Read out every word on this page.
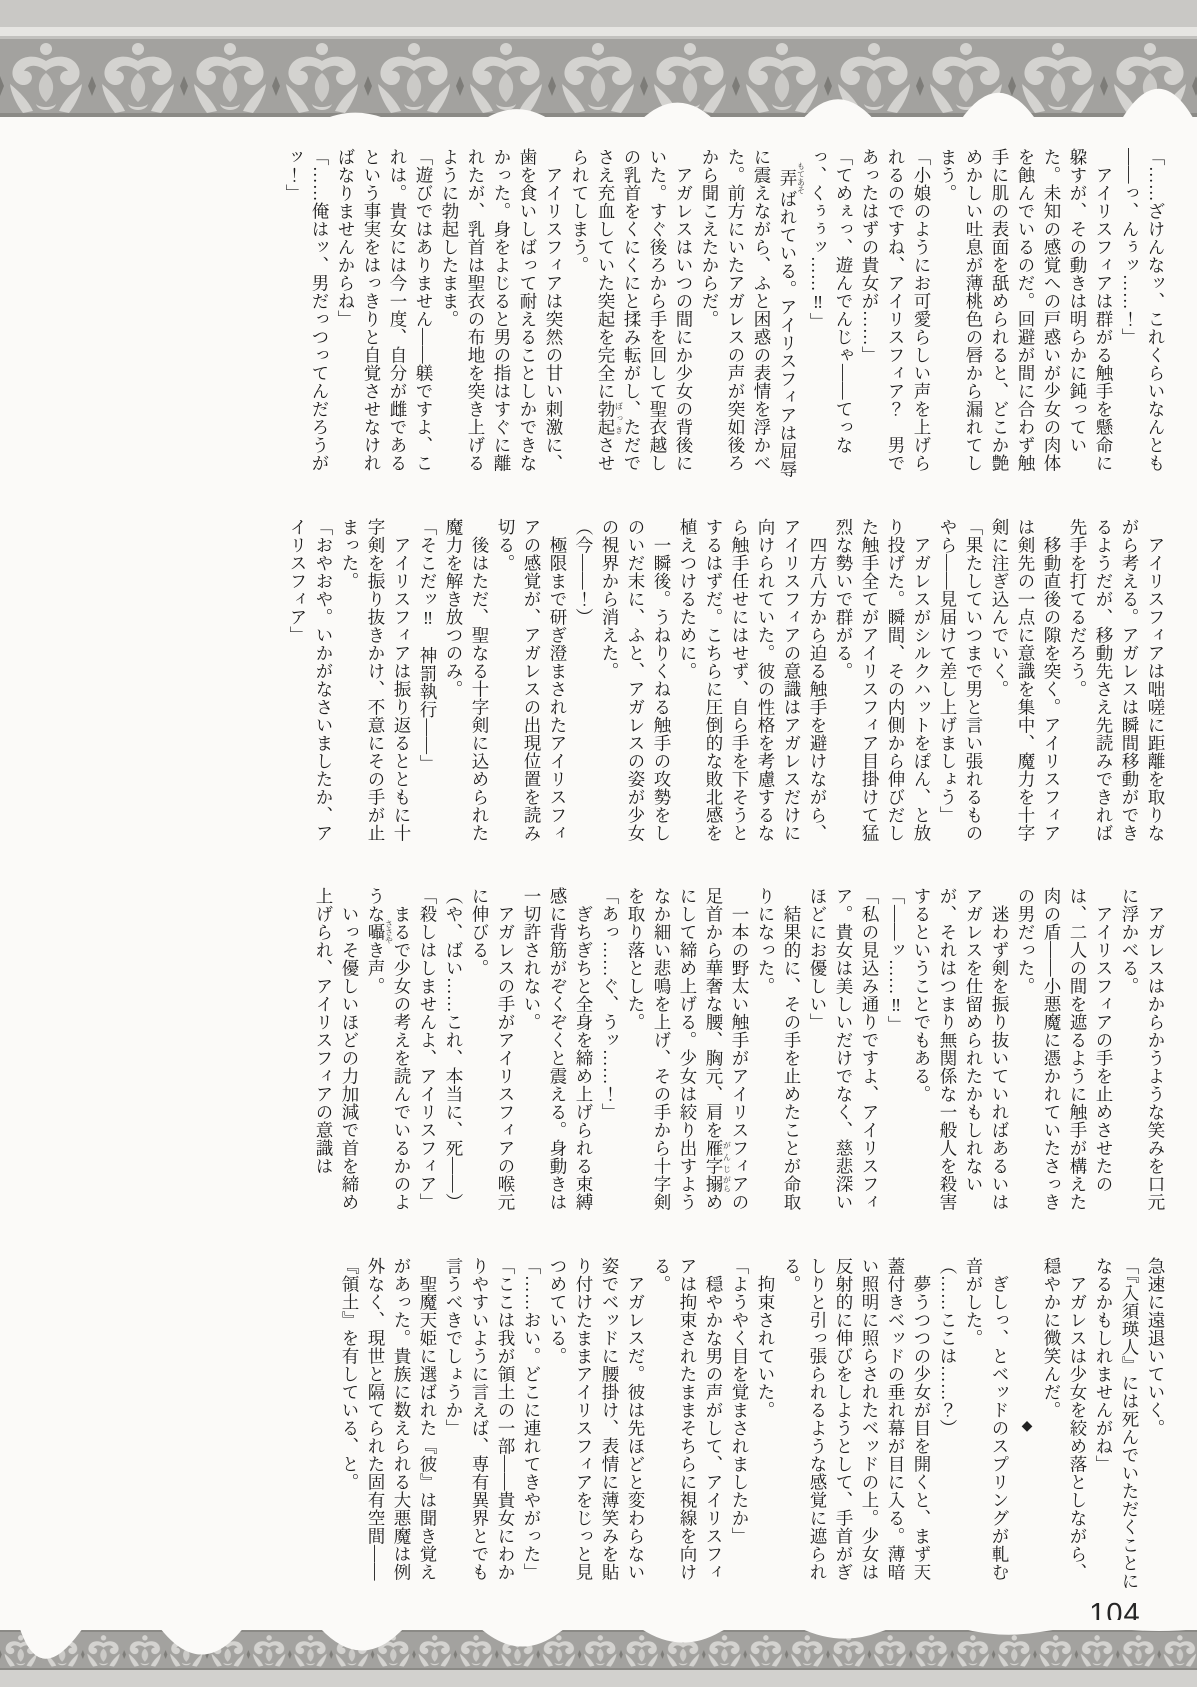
「……ざけんなッ、これくらいなんとも――っ、んぅッ……！」

　アイリスフィアは群がる触手を懸命に躱すが、その動きは明らかに鈍っていた。未知の感覚への戸惑いが少女の肉体を蝕んでいるのだ。回避が間に合わず触手に肌の表面を舐められると、どこか艶めかしい吐息が薄桃色の唇から漏れてしまう。

「小娘のようにお可愛らしい声を上げられるのですね、アイリスフィア？　男であったはずの貴女が……」

「てめぇっ、遊んでんじゃ――てっなっ、くぅぅッ……‼」

　弄もてあそばれている。アイリスフィアは屈辱に震えながら、ふと困惑の表情を浮かべた。前方にいたアガレスの声が突如後ろから聞こえたからだ。

　アガレスはいつの間にか少女の背後にいた。すぐ後ろから手を回して聖衣越しの乳首をくにくにと揉み転がし、ただでさえ充血していた突起を完全に勃起ぼっきさせられてしまう。

　アイリスフィアは突然の甘い刺激に、歯を食いしばって耐えることしかできなかった。身をよじると男の指はすぐに離れたが、乳首は聖衣の布地を突き上げるように勃起したまま。

「遊びではありません――躾ですよ、これは。貴女には今一度、自分が雌であるという事実をはっきりと自覚させなければなりませんからね」

「……俺はッ、男だっつってんだろうがッ！」

　アイリスフィアは咄嗟に距離を取りながら考える。アガレスは瞬間移動ができるようだが、移動先さえ先読みできれば先手を打てるだろう。

　移動直後の隙を突く。アイリスフィアは剣先の一点に意識を集中、魔力を十字剣に注ぎ込んでいく。

「果たしていつまで男と言い張れるものやら――見届けて差し上げましょう」

　アガレスがシルクハットをぽん、と放り投げた。瞬間、その内側から伸びだした触手全てがアイリスフィア目掛けて猛烈な勢いで群がる。

　四方八方から迫る触手を避けながら、アイリスフィアの意識はアガレスだけに向けられていた。彼の性格を考慮するなら触手任せにはせず、自ら手を下そうとするはずだ。こちらに圧倒的な敗北感を植えつけるために。

　一瞬後。うねりくねる触手の攻勢をしのいだ末に、ふと、アガレスの姿が少女の視界から消えた。

（今――！）

　極限まで研ぎ澄まされたアイリスフィアの感覚が、アガレスの出現位置を読み切る。

　後はただ、聖なる十字剣に込められた魔力を解き放つのみ。

「そこだッ‼　神罰執行――」

　アイリスフィアは振り返るとともに十字剣を振り抜きかけ、不意にその手が止まった。

「おやおや。いかがなさいましたか、アイリスフィア」

　アガレスはからかうような笑みを口元に浮かべる。

　アイリスフィアの手を止めさせたのは、二人の間を遮るように触手が構えた肉の盾――小悪魔に憑かれていたさっきの男だった。

　迷わず剣を振り抜いていればあるいはアガレスを仕留められたかもしれないが、それはつまり無関係な一般人を殺害するということでもある。

「――ッ……‼」

「私の見込み通りですよ、アイリスフィア。貴女は美しいだけでなく、慈悲深いほどにお優しい」

　結果的に、その手を止めたことが命取りになった。

　一本の野太い触手がアイリスフィアの足首から華奢な腰、胸元、肩を雁字がんじ搦がらめにして締め上げる。少女は絞り出すようなか細い悲鳴を上げ、その手から十字剣を取り落とした。

「あっ……ぐ、うッ……！」

　ぎちぎちと全身を締め上げられる束縛感に背筋がぞくぞくと震える。身動きは一切許されない。

　アガレスの手がアイリスフィアの喉元に伸びる。

（や、ばい……これ、本当に、死――）

「殺しはしませんよ、アイリスフィア」

　まるで少女の考えを読んでいるかのような囁ささやき声。

　いっそ優しいほどの力加減で首を締め上げられ、アイリスフィアの意識は

急速に遠退いていく。

「『入須瑛人』には死んでいただくことになるかもしれませんがね」

　アガレスは少女を絞め落としながら、穏やかに微笑んだ。

◆

　ぎしっ、とベッドのスプリングが軋む音がした。

（……ここは……？）

　夢うつつの少女が目を開くと、まず天蓋付きベッドの垂れ幕が目に入る。薄暗い照明に照らされたベッドの上。少女は反射的に伸びをしようとして、手首がぎしりと引っ張られるような感覚に遮られる。

　拘束されていた。

「ようやく目を覚まされましたか」

　穏やかな男の声がして、アイリスフィアは拘束されたままそちらに視線を向ける。

　アガレスだ。彼は先ほどと変わらない姿でベッドに腰掛け、表情に薄笑みを貼り付けたままアイリスフィアをじっと見つめている。

「……おい。どこに連れてきやがった」

「ここは我が領土の一部――貴女にわかりやすいように言えば、専有異界とでも言うべきでしょうか」

　聖魔天姫に選ばれた『彼』は聞き覚えがあった。貴族に数えられる大悪魔は例外なく、現世と隔てられた固有空間――『領土』を有している、と。

104
